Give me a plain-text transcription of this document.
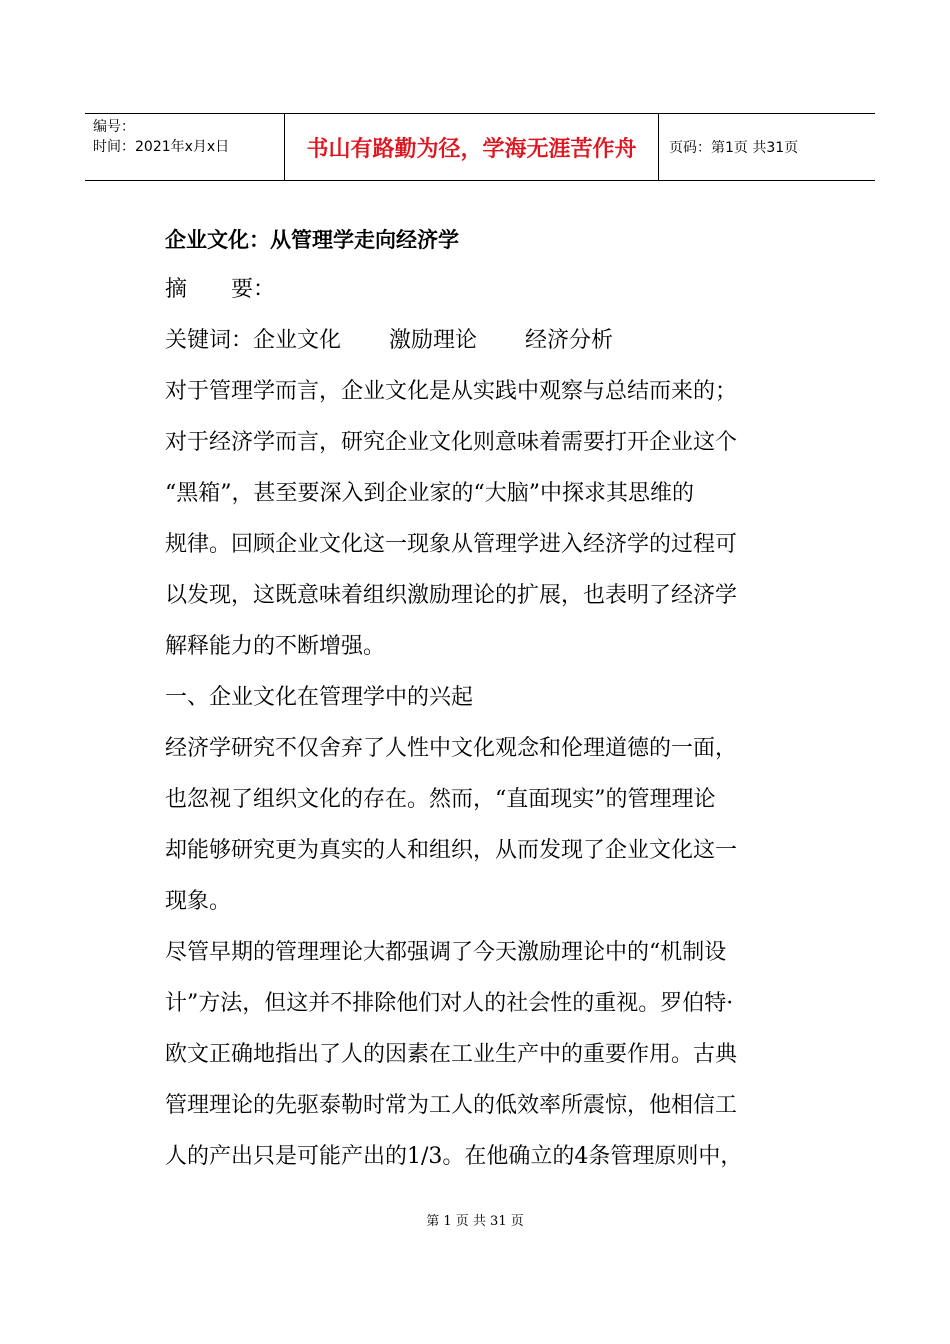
编号：
时间：2021年x月x日	书山有路勤为径，学海无涯苦作舟	页码：第1页 共31页

企业文化：从管理学走向经济学

摘 要：

关键词：企业文化 激励理论 经济分析

对于管理学而言，企业文化是从实践中观察与总结而来的；

对于经济学而言，研究企业文化则意味着需要打开企业这个

“黑箱”，甚至要深入到企业家的“大脑”中探求其思维的

规律。回顾企业文化这一现象从管理学进入经济学的过程可

以发现，这既意味着组织激励理论的扩展，也表明了经济学

解释能力的不断增强。

一、企业文化在管理学中的兴起

经济学研究不仅舍弃了人性中文化观念和伦理道德的一面，

也忽视了组织文化的存在。然而，“直面现实”的管理理论

却能够研究更为真实的人和组织，从而发现了企业文化这一

现象。

尽管早期的管理理论大都强调了今天激励理论中的“机制设

计”方法，但这并不排除他们对人的社会性的重视。罗伯特·

欧文正确地指出了人的因素在工业生产中的重要作用。古典

管理理论的先驱泰勒时常为工人的低效率所震惊，他相信工

人的产出只是可能产出的1/3。在他确立的4条管理原则中，

第 1 页 共 31 页
